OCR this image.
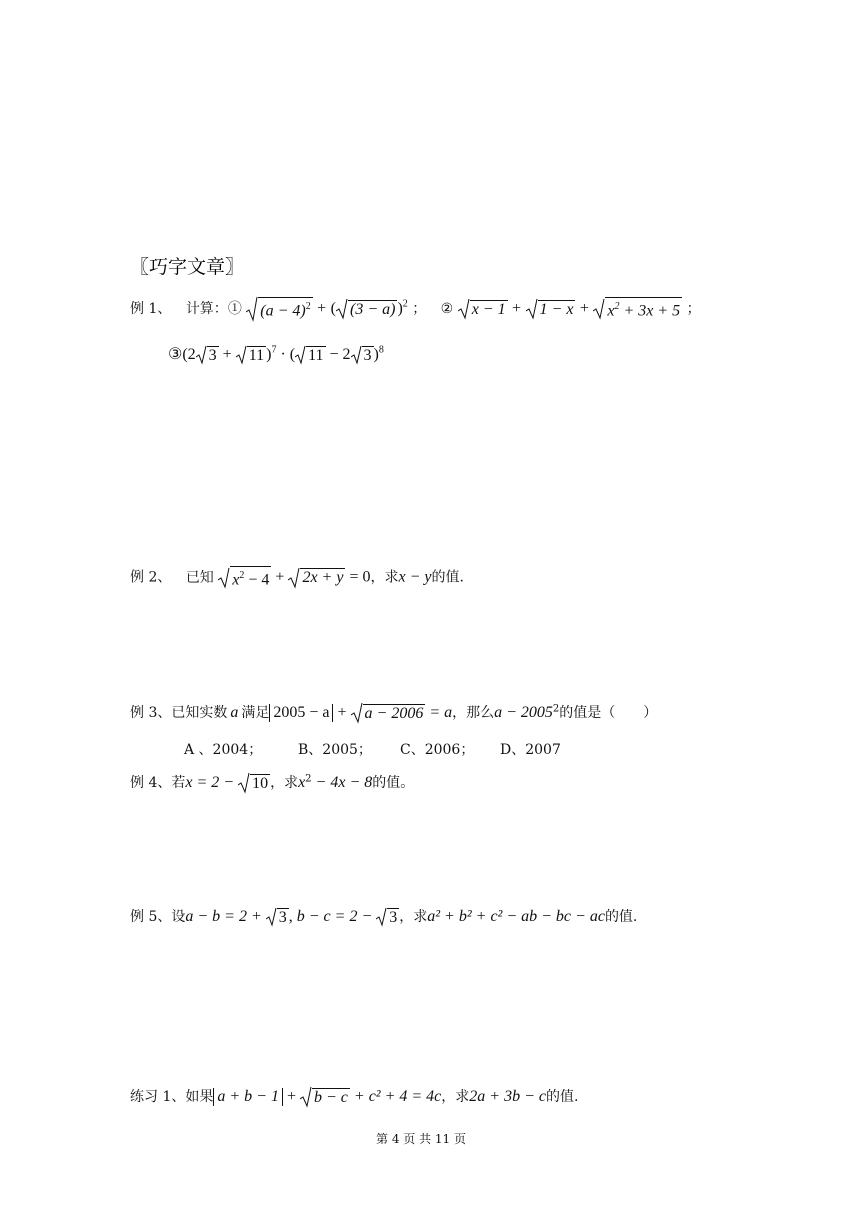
〖巧字文章〗
例 1、 计算：① $(a - 4)^2$ + ( (3 − a) )$^2$ ； ② $x - 1 + 1 - x + x^2 + 3x + 5$ ；
③(2 3 + 11 )$^7$ · ( 11 − 2 3 )$^8$
例 2、 已知 $x^2 - 4 + 2x + y = 0$，求x − y的值.
例 3、已知实数 a 满足 2005 − a + a − 2006 = a，那么$a - 2005^2$的值是（　　）
A 、2004；	B、2005； C、2006； D、2007
例 4、若x = 2 − 10 ，求$x^2 - 4x - 8$的值。
例 5、设a − b = 2 + 3 , b − c = 2 − 3 ，求a² + b² + c² − ab − bc − ac的值.
练习 1、如果 a + b − 1 + b − c + c² + 4 = 4c，求2a + 3b − c的值.
第 4 页 共 11 页
